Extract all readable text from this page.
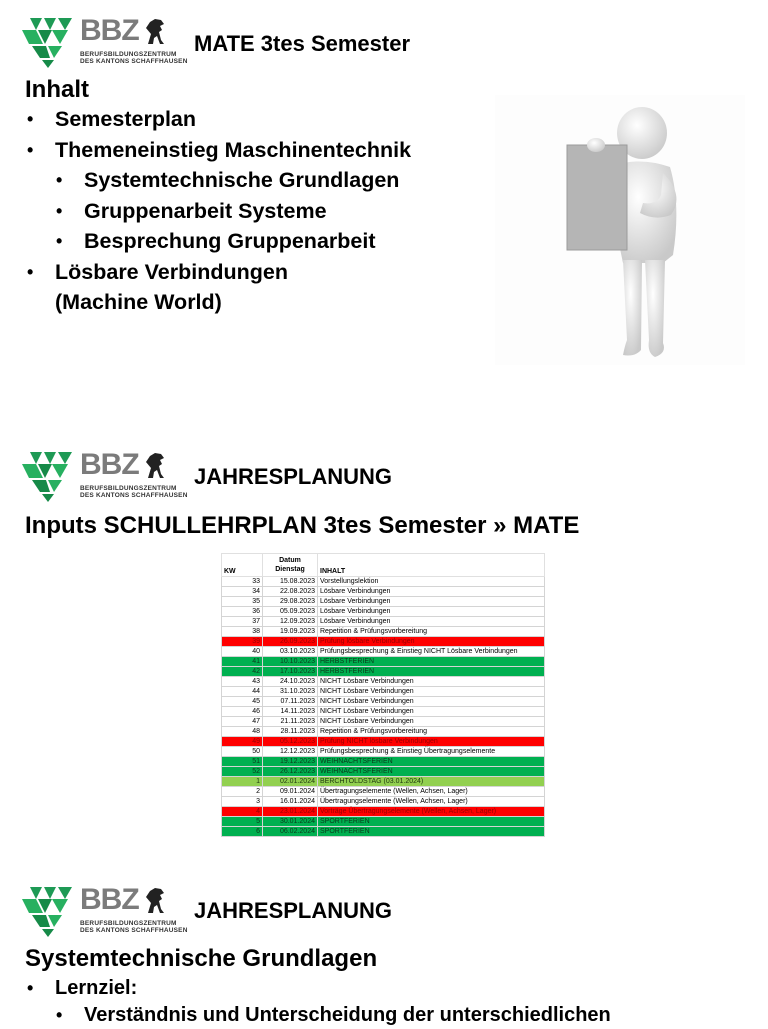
BBZ
BERUFSBILDUNGSZENTRUM
DES KANTONS SCHAFFHAUSEN
MATE 3tes Semester
Inhalt
• Semesterplan
• Themeneinstieg Maschinentechnik
• Systemtechnische Grundlagen
• Gruppenarbeit Systeme
• Besprechung Gruppenarbeit
• Lösbare Verbindungen
(Machine World)
BBZ
BERUFSBILDUNGSZENTRUM
DES KANTONS SCHAFFHAUSEN
JAHRESPLANUNG
Inputs SCHULLEHRPLAN 3tes Semester » MATE
KW	Datum
Dienstag	INHALT
33	15.08.2023	Vorstellungslektion
34	22.08.2023	Lösbare Verbindungen
35	29.08.2023	Lösbare Verbindungen
36	05.09.2023	Lösbare Verbindungen
37	12.09.2023	Lösbare Verbindungen
38	19.09.2023	Repetition & Prüfungsvorbereitung
39	26.09.2023	Prüfung lösbare Verbindungen
40	03.10.2023	Prüfungsbesprechung & Einstieg NICHT Lösbare Verbindungen
41	10.10.2023	HERBSTFERIEN
42	17.10.2023	HERBSTFERIEN
43	24.10.2023	NICHT Lösbare Verbindungen
44	31.10.2023	NICHT Lösbare Verbindungen
45	07.11.2023	NICHT Lösbare Verbindungen
46	14.11.2023	NICHT Lösbare Verbindungen
47	21.11.2023	NICHT Lösbare Verbindungen
48	28.11.2023	Repetition & Prüfungsvorbereitung
49	05.12.2023	Prüfung NICHT lösbare Verbindungen
50	12.12.2023	Prüfungsbesprechung & Einstieg Übertragungselemente
51	19.12.2023	WEIHNACHTSFERIEN
52	26.12.2023	WEIHNACHTSFERIEN
1	02.01.2024	BERCHTOLDSTAG (03.01.2024)
2	09.01.2024	Übertragungselemente (Wellen, Achsen, Lager)
3	16.01.2024	Übertragungselemente (Wellen, Achsen, Lager)
4	23.01.2024	Vorträge Übertragungselemente (Wellen, Achsen, Lager)
5	30.01.2024	SPORTFERIEN
6	06.02.2024	SPORTFERIEN
BBZ
BERUFSBILDUNGSZENTRUM
DES KANTONS SCHAFFHAUSEN
JAHRESPLANUNG
Systemtechnische Grundlagen
• Lernziel:
• Verständnis und Unterscheidung der unterschiedlichen
